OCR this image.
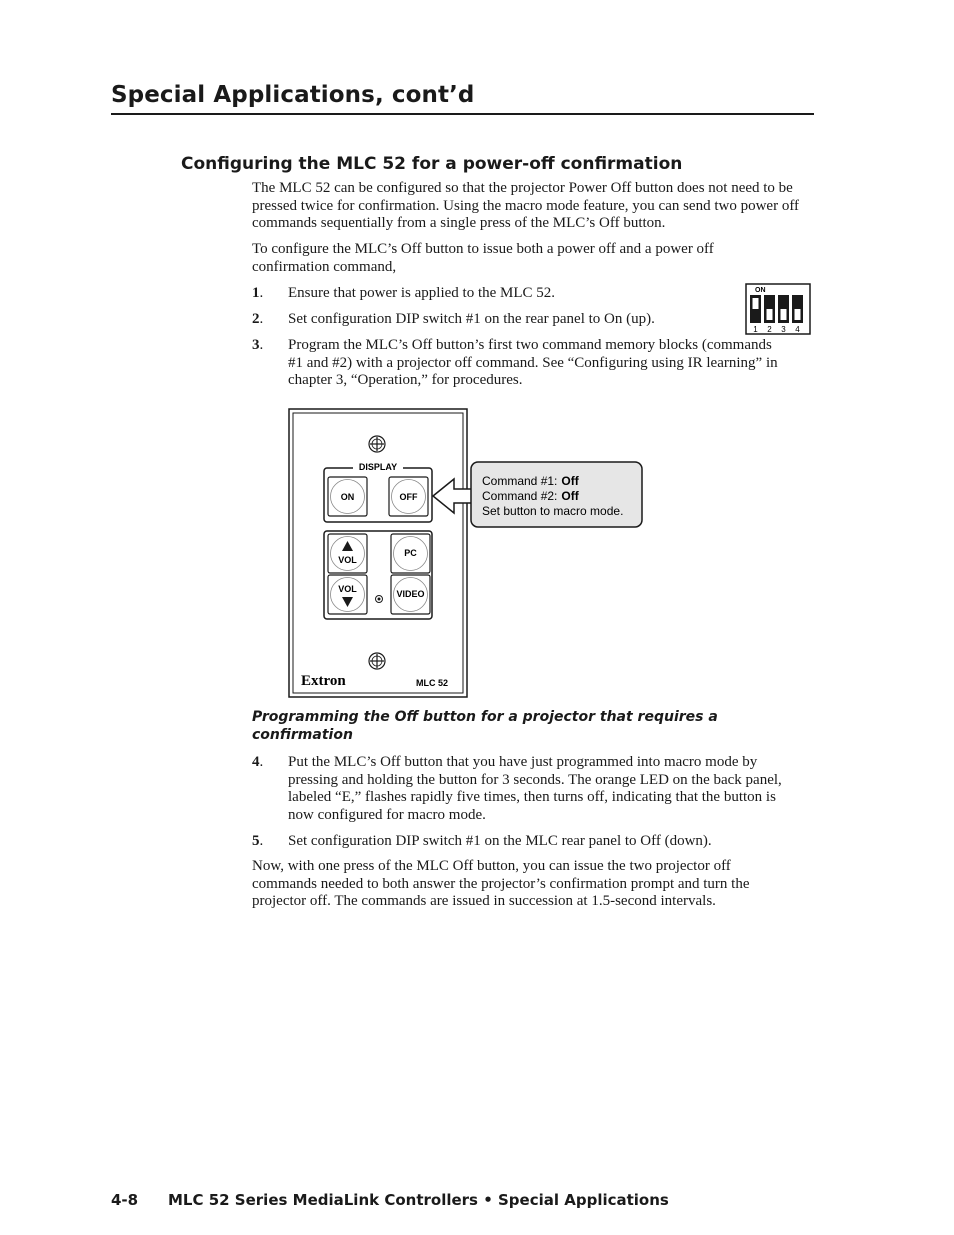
Special Applications, cont’d
Configuring the MLC 52 for a power-off confirmation
The MLC 52 can be configured so that the projector Power Off button does not need to be pressed twice for confirmation. Using the macro mode feature, you can send two power off commands sequentially from a single press of the MLC’s Off button.
To configure the MLC’s Off button to issue both a power off and a power off confirmation command,
1. Ensure that power is applied to the MLC 52.
2. Set configuration DIP switch #1 on the rear panel to On (up).
3. Program the MLC’s Off button’s first two command memory blocks (commands #1 and #2) with a projector off command. See “Configuring using IR learning” in chapter 3, “Operation,” for procedures.
ON
1 2 3 4
DISPLAY
ON	OFF
VOL
VOL
PC
VIDEO
Extron	MLC 52
Command #1: Off
Command #2: Off
Set button to macro mode.
Programming the Off button for a projector that requires a confirmation
4. Put the MLC’s Off button that you have just programmed into macro mode by pressing and holding the button for 3 seconds. The orange LED on the back panel, labeled “E,” flashes rapidly five times, then turns off, indicating that the button is now configured for macro mode.
5. Set configuration DIP switch #1 on the MLC rear panel to Off (down).
Now, with one press of the MLC Off button, you can issue the two projector off commands needed to both answer the projector’s confirmation prompt and turn the projector off. The commands are issued in succession at 1.5-second intervals.
4-8 MLC 52 Series MediaLink Controllers • Special Applications
